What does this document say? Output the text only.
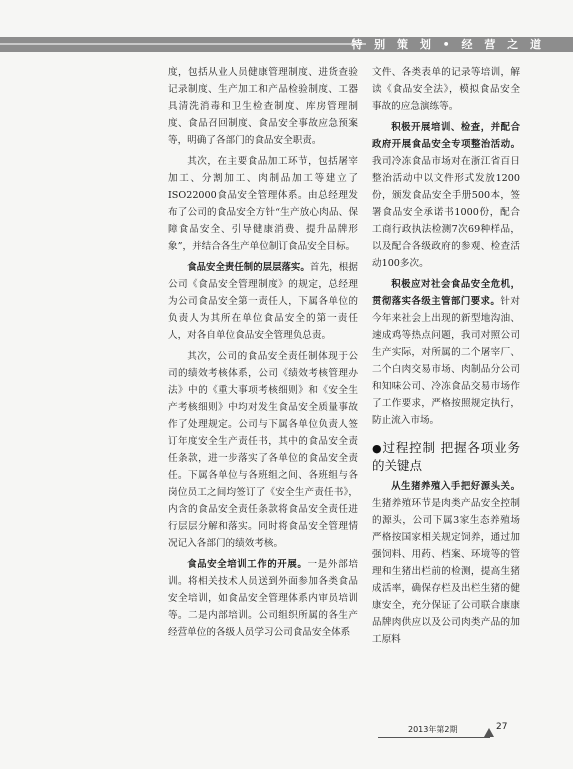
特 别 策 划 • 经 营 之 道

度，包括从业人员健康管理制度、进货查验记录制度、生产加工和产品检验制度、工器具清洗消毒和卫生检查制度、库房管理制度、食品召回制度、食品安全事故应急预案等，明确了各部门的食品安全职责。

其次，在主要食品加工环节，包括屠宰加工、分割加工、肉制品加工等建立了ISO22000食品安全管理体系。由总经理发布了公司的食品安全方针“生产放心肉品、保障食品安全、引导健康消费、提升品牌形象”，并结合各生产单位制订食品安全目标。

食品安全责任制的层层落实。首先，根据公司《食品安全管理制度》的规定，总经理为公司食品安全第一责任人，下属各单位的负责人为其所在单位食品安全的第一责任人，对各自单位食品安全管理负总责。

其次，公司的食品安全责任制体现于公司的绩效考核体系，公司《绩效考核管理办法》中的《重大事项考核细则》和《安全生产考核细则》中均对发生食品安全质量事故作了处理规定。公司与下属各单位负责人签订年度安全生产责任书，其中的食品安全责任条款，进一步落实了各单位的食品安全责任。下属各单位与各班组之间、各班组与各岗位员工之间均签订了《安全生产责任书》，内含的食品安全责任条款将食品安全责任进行层层分解和落实。同时将食品安全管理情况记入各部门的绩效考核。

食品安全培训工作的开展。一是外部培训。将相关技术人员送到外面参加各类食品安全培训，如食品安全管理体系内审员培训等。二是内部培训。公司组织所属的各生产经营单位的各级人员学习公司食品安全体系

文件、各类表单的记录等培训，解读《食品安全法》，模拟食品安全事故的应急演练等。

积极开展培训、检查，并配合政府开展食品安全专项整治活动。我司冷冻食品市场对在浙江省百日整治活动中以文件形式发放1200份，颁发食品安全手册500本，签署食品安全承诺书1000份，配合工商行政执法检测7次69种样品，以及配合各级政府的参观、检查活动100多次。

积极应对社会食品安全危机，贯彻落实各级主管部门要求。针对今年来社会上出现的新型地沟油、速成鸡等热点问题，我司对照公司生产实际，对所属的二个屠宰厂、二个白肉交易市场、肉制品分公司和知味公司、冷冻食品交易市场作了工作要求，严格按照规定执行，防止流入市场。

●过程控制 把握各项业务的关键点

从生猪养殖入手把好源头关。生猪养殖环节是肉类产品安全控制的源头，公司下属3家生态养殖场严格按国家相关规定饲养，通过加强饲料、用药、档案、环境等的管理和生猪出栏前的检测，提高生猪成活率，确保存栏及出栏生猪的健康安全，充分保证了公司联合康康品牌肉供应以及公司肉类产品的加工原料

2013年第2期	27
